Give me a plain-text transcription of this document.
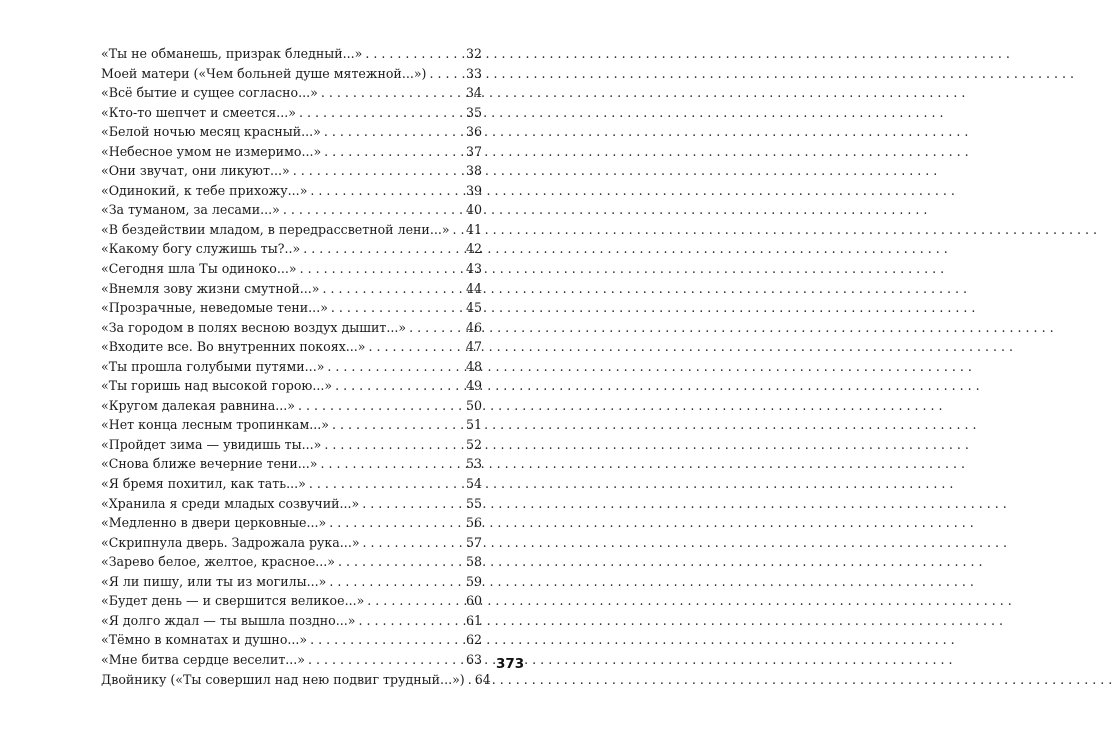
«Ты не обманешь, призрак бледный...» . . .	32
Моей матери («Чем больней душе мятежной...») . . .	33
«Всё бытие и сущее согласно...» . . .	34
«Кто-то шепчет и смеется...» . . .	35
«Белой ночью месяц красный...» . . .	36
«Небесное умом не измеримо...» . . .	37
«Они звучат, они ликуют...» . . .	38
«Одинокий, к тебе прихожу...» . . .	39
«За туманом, за лесами...» . . .	40
«В бездействии младом, в передрассветной лени...» . . . 41
«Какому богу служишь ты?..» . . .	42
«Сегодня шла Ты одиноко...» . . .	43
«Внемля зову жизни смутной...» . . .	44
«Прозрачные, неведомые тени...» . . .	45
«За городом в полях весною воздух дышит...» . . .	46
«Входите все. Во внутренних покоях...» . . .	47
«Ты прошла голубыми путями...» . . .	48
«Ты горишь над высокой горою...» . . .	49
«Кругом далекая равнина...» . . .	50
«Нет конца лесным тропинкам...» . . .	51
«Пройдет зима — увидишь ты...» . . .	52
«Снова ближе вечерние тени...» . . .	53
«Я бремя похитил, как тать...» . . .	54
«Хранила я среди младых созвучий...» . . .	55
«Медленно в двери церковные...» . . .	56
«Скрипнула дверь. Задрожала рука...» . . .	57
«Зарево белое, желтое, красное...» . . .	58
«Я ли пишу, или ты из могилы...» . . .	59
«Будет день — и свершится великое...» . . .	60
«Я долго ждал — ты вышла поздно...» . . .	61
«Тёмно в комнатах и душно...» . . .	62
«Мне битва сердце веселит...» . . .	63
Двойнику («Ты совершил над нею подвиг трудный...») . . . 64
373
